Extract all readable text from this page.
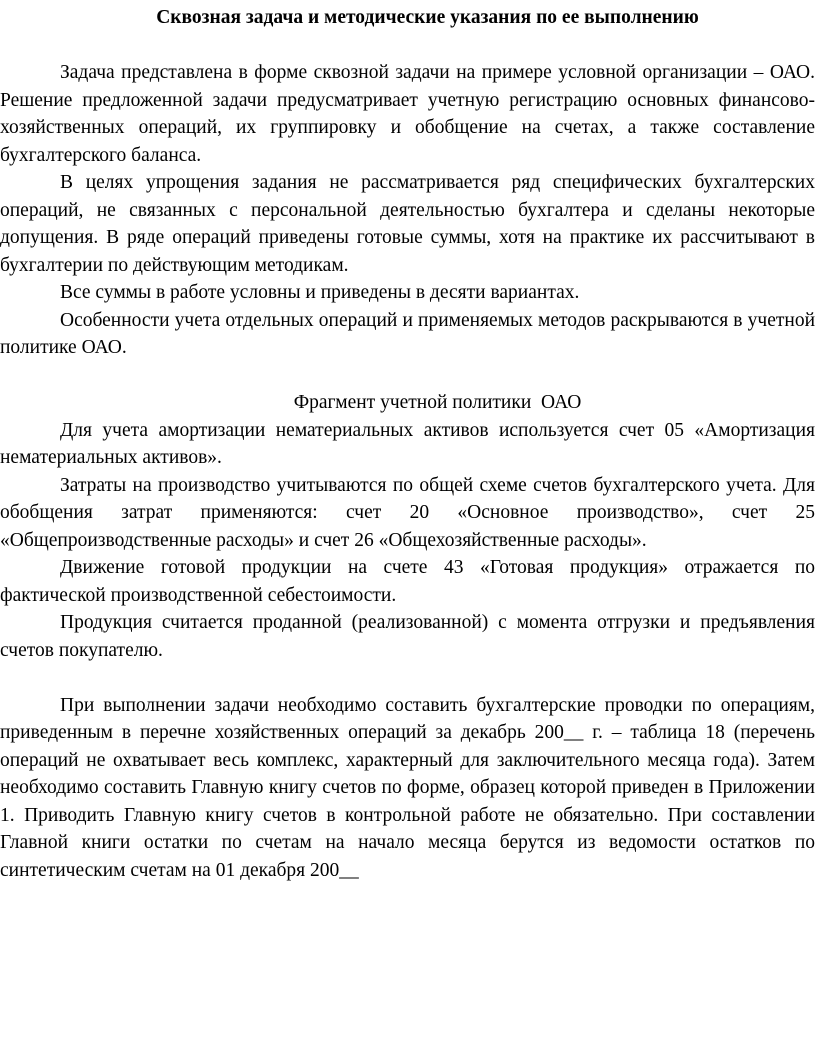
Сквозная задача и методические указания по ее выполнению

Задача представлена в форме сквозной задачи на примере условной организации – ОАО. Решение предложенной задачи предусматривает учетную регистрацию основных финансово-хозяйственных операций, их группировку и обобщение на счетах, а также составление бухгалтерского баланса.

В целях упрощения задания не рассматривается ряд специфических бухгалтерских операций, не связанных с персональной деятельностью бухгалтера и сделаны некоторые допущения. В ряде операций приведены готовые суммы, хотя на практике их рассчитывают в бухгалтерии по действующим методикам.

Все суммы в работе условны и приведены в десяти вариантах.

Особенности учета отдельных операций и применяемых методов раскрываются в учетной политике ОАО.

Фрагмент учетной политики  ОАО

Для учета амортизации нематериальных активов используется счет 05 «Амортизация нематериальных активов».

Затраты на производство учитываются по общей схеме счетов бухгалтерского учета. Для обобщения затрат применяются: счет 20 «Основное производство», счет 25 «Общепроизводственные расходы» и счет 26 «Общехозяйственные расходы».

Движение готовой продукции на счете 43 «Готовая продукция» отражается по фактической производственной себестоимости.

Продукция считается проданной (реализованной) с момента отгрузки и предъявления счетов покупателю.

При выполнении задачи необходимо составить бухгалтерские проводки по операциям, приведенным в перечне хозяйственных операций за декабрь 200__ г. – таблица 18 (перечень операций не охватывает весь комплекс, характерный для заключительного месяца года). Затем необходимо составить Главную книгу счетов по форме, образец которой приведен в Приложении 1. Приводить Главную книгу счетов в контрольной работе не обязательно. При составлении Главной книги остатки по счетам на начало месяца берутся из ведомости остатков по синтетическим счетам на 01 декабря 200__
